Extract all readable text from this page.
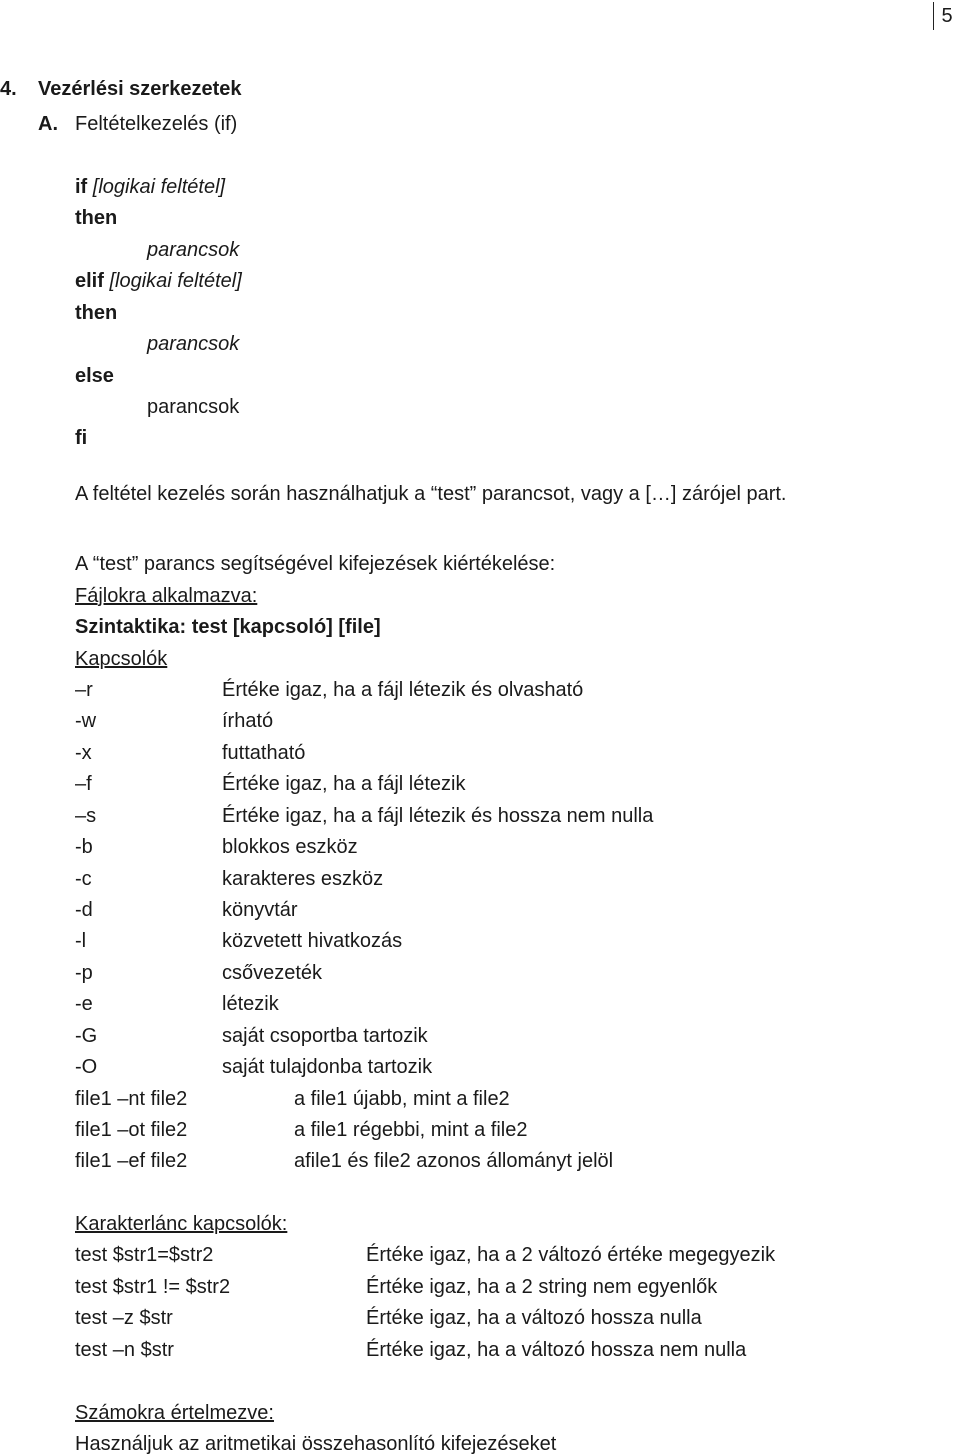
5
4. Vezérlési szerkezetek
A. Feltételkezelés (if)
if [logikai feltétel]
then
parancsok
elif [logikai feltétel]
then
parancsok
else
parancsok
fi
A feltétel kezelés során használhatjuk a “test” parancsot, vagy a […] zárójel part.
A “test” parancs segítségével kifejezések kiértékelése:
Fájlokra alkalmazva:
Szintaktika: test [kapcsoló] [file]
Kapcsolók
–r	Értéke igaz, ha a fájl létezik és olvasható
-w	írható
-x	futtatható
–f	Értéke igaz, ha a fájl létezik
–s	Értéke igaz, ha a fájl létezik és hossza nem nulla
-b	blokkos eszköz
-c	karakteres eszköz
-d	könyvtár
-l	közvetett hivatkozás
-p	csővezeték
-e	létezik
-G	saját csoportba tartozik
-O	saját tulajdonba tartozik
file1 –nt file2	a file1 újabb, mint a file2
file1 –ot file2	a file1 régebbi, mint a file2
file1 –ef file2	afile1 és file2 azonos állományt jelöl
Karakterlánc kapcsolók:
test $str1=$str2	Értéke igaz, ha a 2 változó értéke megegyezik
test $str1 != $str2	Értéke igaz, ha a 2 string nem egyenlők
test –z $str	Értéke igaz, ha a változó hossza nulla
test –n $str	Értéke igaz, ha a változó hossza nem nulla
Számokra értelmezve:
Használjuk az aritmetikai összehasonlító kifejezéseket
